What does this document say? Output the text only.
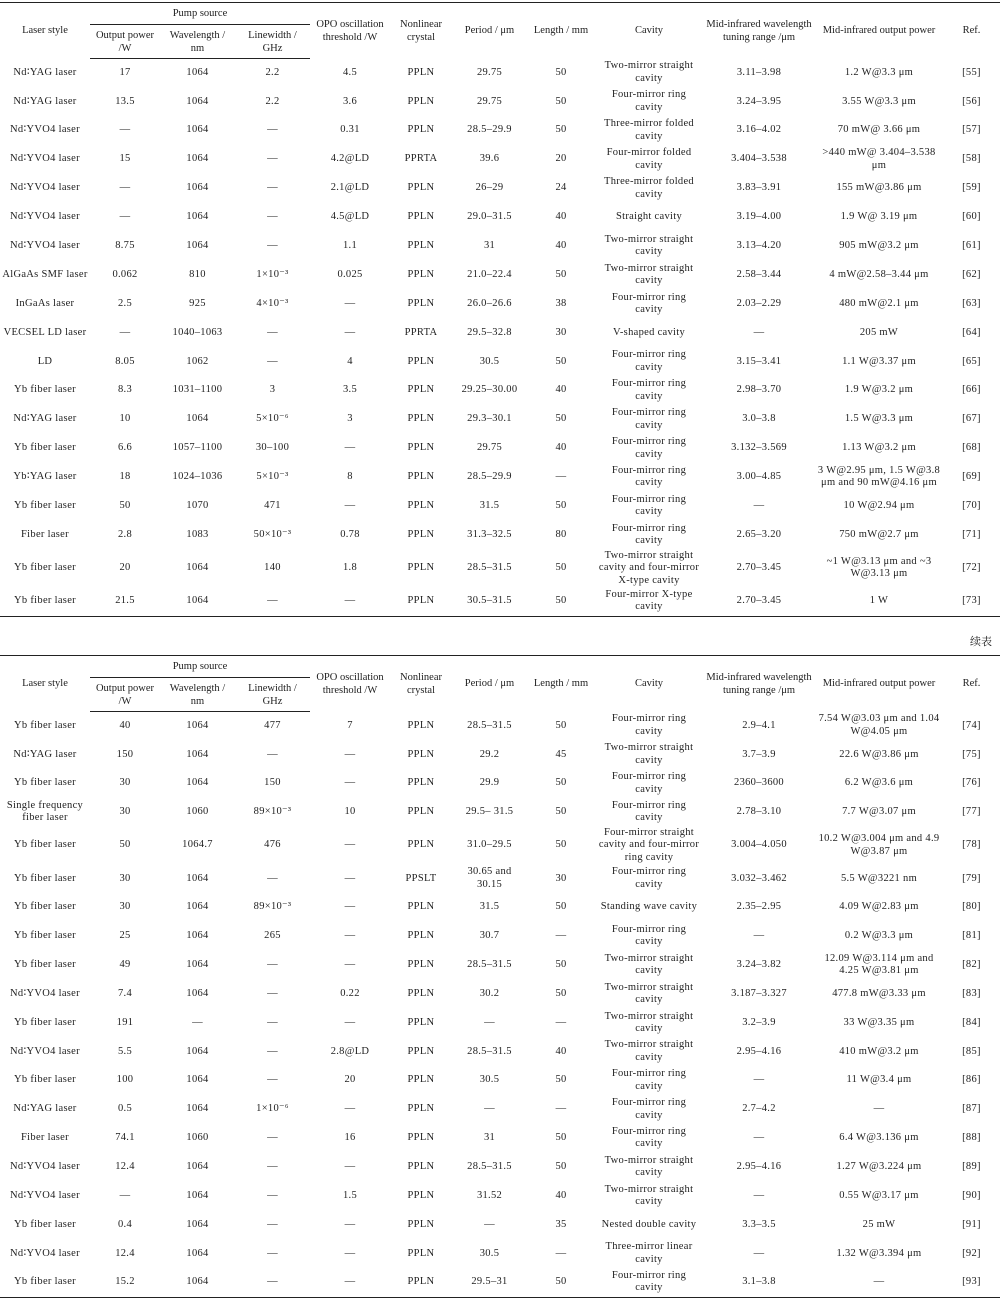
Laser style	Pump source			OPO oscillation threshold /W	Nonlinear crystal	Period / μm	Length / mm	Cavity	Mid-infrared wavelength tuning range /μm	Mid-infrared output power	Ref.
	Output power /W	Wavelength / nm	Linewidth / GHz								
Nd∶YAG laser	17	1064	2.2	4.5	PPLN	29.75	50	Two-mirror straight cavity	3.11–3.98	1.2 W@3.3 μm	[55]
Nd∶YAG laser	13.5	1064	2.2	3.6	PPLN	29.75	50	Four-mirror ring cavity	3.24–3.95	3.55 W@3.3 μm	[56]
Nd∶YVO4 laser	—	1064	—	0.31	PPLN	28.5–29.9	50	Three-mirror folded cavity	3.16–4.02	70 mW@ 3.66 μm	[57]
Nd∶YVO4 laser	15	1064	—	4.2@LD	PPRTA	39.6	20	Four-mirror folded cavity	3.404–3.538	>440 mW@ 3.404–3.538 μm	[58]
Nd∶YVO4 laser	—	1064	—	2.1@LD	PPLN	26–29	24	Three-mirror folded cavity	3.83–3.91	155 mW@3.86 μm	[59]
Nd∶YVO4 laser	—	1064	—	4.5@LD	PPLN	29.0–31.5	40	Straight cavity	3.19–4.00	1.9 W@ 3.19 μm	[60]
Nd∶YVO4 laser	8.75	1064	—	1.1	PPLN	31	40	Two-mirror straight cavity	3.13–4.20	905 mW@3.2 μm	[61]
AlGaAs SMF laser	0.062	810	1×10⁻³	0.025	PPLN	21.0–22.4	50	Two-mirror straight cavity	2.58–3.44	4 mW@2.58–3.44 μm	[62]
InGaAs laser	2.5	925	4×10⁻³	—	PPLN	26.0–26.6	38	Four-mirror ring cavity	2.03–2.29	480 mW@2.1 μm	[63]
VECSEL LD laser	—	1040–1063	—	—	PPRTA	29.5–32.8	30	V-shaped cavity	—	205 mW	[64]
LD	8.05	1062	—	4	PPLN	30.5	50	Four-mirror ring cavity	3.15–3.41	1.1 W@3.37 μm	[65]
Yb fiber laser	8.3	1031–1100	3	3.5	PPLN	29.25–30.00	40	Four-mirror ring cavity	2.98–3.70	1.9 W@3.2 μm	[66]
Nd∶YAG laser	10	1064	5×10⁻⁶	3	PPLN	29.3–30.1	50	Four-mirror ring cavity	3.0–3.8	1.5 W@3.3 μm	[67]
Yb fiber laser	6.6	1057–1100	30–100	—	PPLN	29.75	40	Four-mirror ring cavity	3.132–3.569	1.13 W@3.2 μm	[68]
Yb∶YAG laser	18	1024–1036	5×10⁻³	8	PPLN	28.5–29.9	—	Four-mirror ring cavity	3.00–4.85	3 W@2.95 μm, 1.5 W@3.8 μm and 90 mW@4.16 μm	[69]
Yb fiber laser	50	1070	471	—	PPLN	31.5	50	Four-mirror ring cavity	—	10 W@2.94 μm	[70]
Fiber laser	2.8	1083	50×10⁻³	0.78	PPLN	31.3–32.5	80	Four-mirror ring cavity	2.65–3.20	750 mW@2.7 μm	[71]
Yb fiber laser	20	1064	140	1.8	PPLN	28.5–31.5	50	Two-mirror straight cavity and four-mirror X-type cavity	2.70–3.45	~1 W@3.13 μm and ~3 W@3.13 μm	[72]
Yb fiber laser	21.5	1064	—	—	PPLN	30.5–31.5	50	Four-mirror X-type cavity	2.70–3.45	1 W	[73]
续表
Laser style	Pump source			OPO oscillation threshold /W	Nonlinear crystal	Period / μm	Length / mm	Cavity	Mid-infrared wavelength tuning range /μm	Mid-infrared output power	Ref.
	Output power /W	Wavelength / nm	Linewidth / GHz								
Yb fiber laser	40	1064	477	7	PPLN	28.5–31.5	50	Four-mirror ring cavity	2.9–4.1	7.54 W@3.03 μm and 1.04 W@4.05 μm	[74]
Nd∶YAG laser	150	1064	—	—	PPLN	29.2	45	Two-mirror straight cavity	3.7–3.9	22.6 W@3.86 μm	[75]
Yb fiber laser	30	1064	150	—	PPLN	29.9	50	Four-mirror ring cavity	2360–3600	6.2 W@3.6 μm	[76]
Single frequency fiber laser	30	1060	89×10⁻³	10	PPLN	29.5– 31.5	50	Four-mirror ring cavity	2.78–3.10	7.7 W@3.07 μm	[77]
Yb fiber laser	50	1064.7	476	—	PPLN	31.0–29.5	50	Four-mirror straight cavity and four-mirror ring cavity	3.004–4.050	10.2 W@3.004 μm and 4.9 W@3.87 μm	[78]
Yb fiber laser	30	1064	—	—	PPSLT	30.65 and 30.15	30	Four-mirror ring cavity	3.032–3.462	5.5 W@3221 nm	[79]
Yb fiber laser	30	1064	89×10⁻³	—	PPLN	31.5	50	Standing wave cavity	2.35–2.95	4.09 W@2.83 μm	[80]
Yb fiber laser	25	1064	265	—	PPLN	30.7	—	Four-mirror ring cavity	—	0.2 W@3.3 μm	[81]
Yb fiber laser	49	1064	—	—	PPLN	28.5–31.5	50	Two-mirror straight cavity	3.24–3.82	12.09 W@3.114 μm and 4.25 W@3.81 μm	[82]
Nd∶YVO4 laser	7.4	1064	—	0.22	PPLN	30.2	50	Two-mirror straight cavity	3.187–3.327	477.8 mW@3.33 μm	[83]
Yb fiber laser	191	—	—	—	PPLN	—	—	Two-mirror straight cavity	3.2–3.9	33 W@3.35 μm	[84]
Nd∶YVO4 laser	5.5	1064	—	2.8@LD	PPLN	28.5–31.5	40	Two-mirror straight cavity	2.95–4.16	410 mW@3.2 μm	[85]
Yb fiber laser	100	1064	—	20	PPLN	30.5	50	Four-mirror ring cavity	—	11 W@3.4 μm	[86]
Nd∶YAG laser	0.5	1064	1×10⁻⁶	—	PPLN	—	—	Four-mirror ring cavity	2.7–4.2	—	[87]
Fiber laser	74.1	1060	—	16	PPLN	31	50	Four-mirror ring cavity	—	6.4 W@3.136 μm	[88]
Nd∶YVO4 laser	12.4	1064	—	—	PPLN	28.5–31.5	50	Two-mirror straight cavity	2.95–4.16	1.27 W@3.224 μm	[89]
Nd∶YVO4 laser	—	1064	—	1.5	PPLN	31.52	40	Two-mirror straight cavity	—	0.55 W@3.17 μm	[90]
Yb fiber laser	0.4	1064	—	—	PPLN	—	35	Nested double cavity	3.3–3.5	25 mW	[91]
Nd∶YVO4 laser	12.4	1064	—	—	PPLN	30.5	—	Three-mirror linear cavity	—	1.32 W@3.394 μm	[92]
Yb fiber laser	15.2	1064	—	—	PPLN	29.5–31	50	Four-mirror ring cavity	3.1–3.8	—	[93]
